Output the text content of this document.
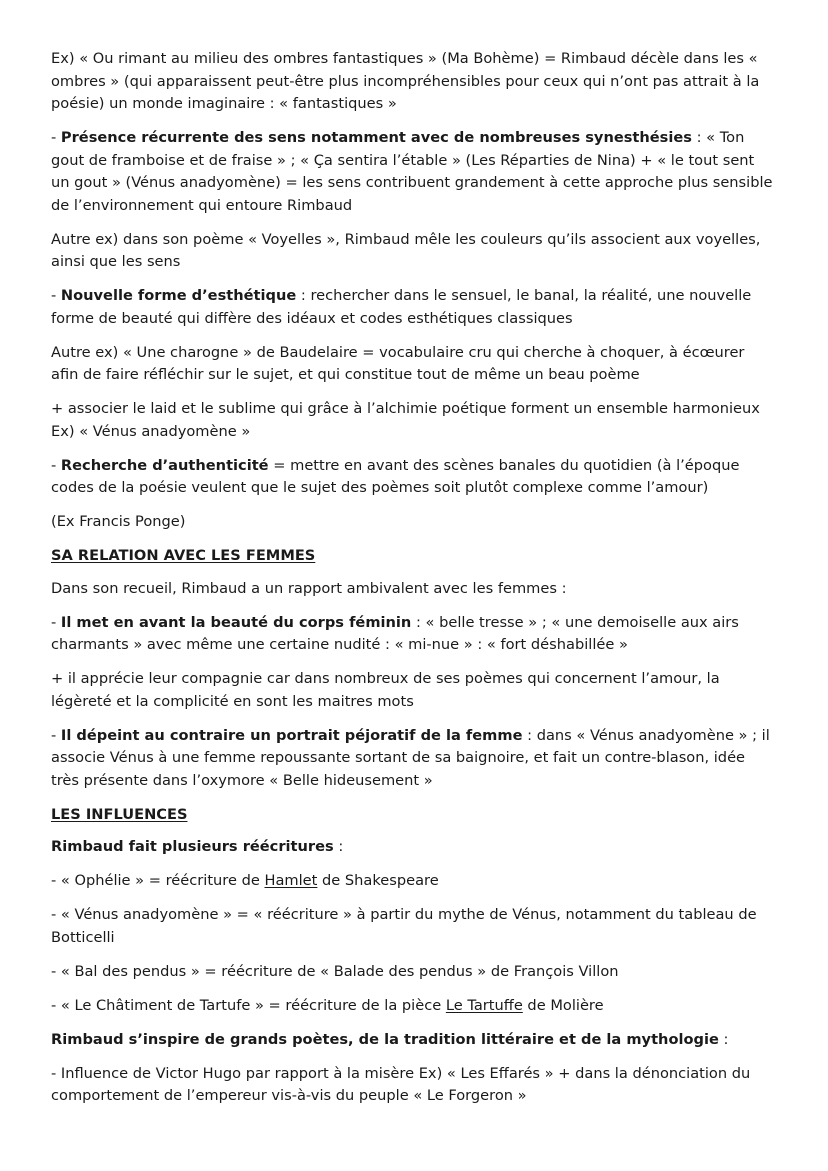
Ex) « Ou rimant au milieu des ombres fantastiques » (Ma Bohème) = Rimbaud décèle dans les « ombres » (qui apparaissent peut-être plus incompréhensibles pour ceux qui n’ont pas attrait à la poésie) un monde imaginaire : « fantastiques »

- Présence récurrente des sens notamment avec de nombreuses synesthésies : « Ton gout de framboise et de fraise » ; « Ça sentira l’étable » (Les Réparties de Nina) + « le tout sent un gout » (Vénus anadyomène) = les sens contribuent grandement à cette approche plus sensible de l’environnement qui entoure Rimbaud

Autre ex) dans son poème « Voyelles », Rimbaud mêle les couleurs qu’ils associent aux voyelles, ainsi que les sens

- Nouvelle forme d’esthétique : rechercher dans le sensuel, le banal, la réalité, une nouvelle forme de beauté qui diffère des idéaux et codes esthétiques classiques

Autre ex) « Une charogne » de Baudelaire = vocabulaire cru qui cherche à choquer, à écœurer afin de faire réfléchir sur le sujet, et qui constitue tout de même un beau poème

+ associer le laid et le sublime qui grâce à l’alchimie poétique forment un ensemble harmonieux Ex) « Vénus anadyomène »

- Recherche d’authenticité = mettre en avant des scènes banales du quotidien (à l’époque codes de la poésie veulent que le sujet des poèmes soit plutôt complexe comme l’amour)

(Ex Francis Ponge)

SA RELATION AVEC LES FEMMES

Dans son recueil, Rimbaud a un rapport ambivalent avec les femmes :

- Il met en avant la beauté du corps féminin : « belle tresse » ; « une demoiselle aux airs charmants » avec même une certaine nudité : « mi-nue » : « fort déshabillée »

+ il apprécie leur compagnie car dans nombreux de ses poèmes qui concernent l’amour, la légèreté et la complicité en sont les maitres mots

- Il dépeint au contraire un portrait péjoratif de la femme : dans « Vénus anadyomène » ; il associe Vénus à une femme repoussante sortant de sa baignoire, et fait un contre-blason, idée très présente dans l’oxymore « Belle hideusement »

LES INFLUENCES

Rimbaud fait plusieurs réécritures :

- « Ophélie » = réécriture de Hamlet de Shakespeare

- « Vénus anadyomène » = « réécriture » à partir du mythe de Vénus, notamment du tableau de Botticelli

- « Bal des pendus » = réécriture de « Balade des pendus » de François Villon

- « Le Châtiment de Tartufe » = réécriture de la pièce Le Tartuffe de Molière

Rimbaud s’inspire de grands poètes, de la tradition littéraire et de la mythologie :

- Influence de Victor Hugo par rapport à la misère Ex) « Les Effarés » + dans la dénonciation du comportement de l’empereur vis-à-vis du peuple « Le Forgeron »
